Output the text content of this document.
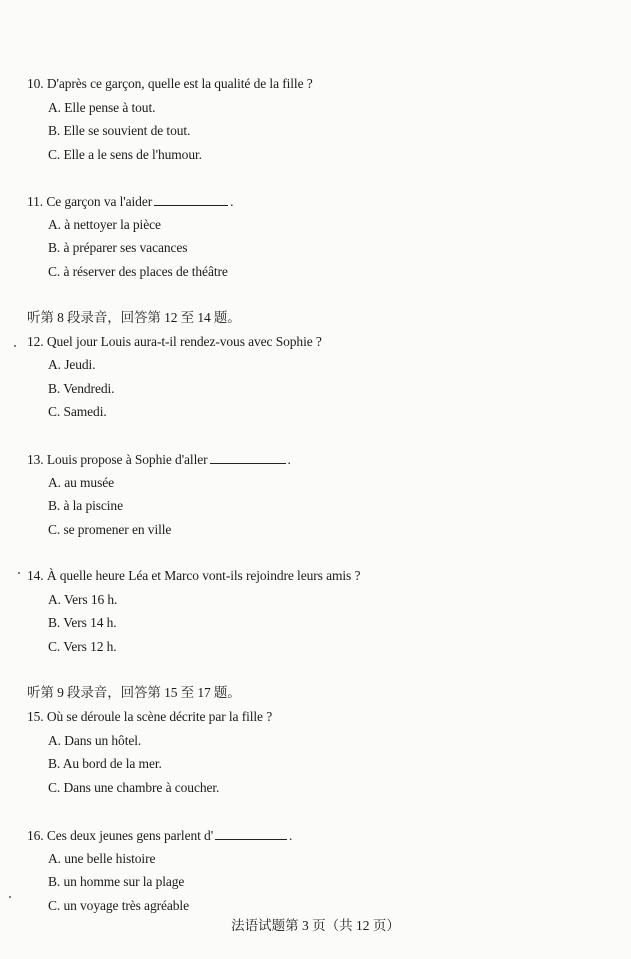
10. D'après ce garçon, quelle est la qualité de la fille ?
A. Elle pense à tout.
B. Elle se souvient de tout.
C. Elle a le sens de l'humour.
11. Ce garçon va l'aider	.
A. à nettoyer la pièce
B. à préparer ses vacances
C. à réserver des places de théâtre
听第 8 段录音，回答第 12 至 14 题。
12. Quel jour Louis aura-t-il rendez-vous avec Sophie ?
A. Jeudi.
B. Vendredi.
C. Samedi.
13. Louis propose à Sophie d'aller	.
A. au musée
B. à la piscine
C. se promener en ville
14. À quelle heure Léa et Marco vont-ils rejoindre leurs amis ?
A. Vers 16 h.
B. Vers 14 h.
C. Vers 12 h.
听第 9 段录音，回答第 15 至 17 题。
15. Où se déroule la scène décrite par la fille ?
A. Dans un hôtel.
B. Au bord de la mer.
C. Dans une chambre à coucher.
16. Ces deux jeunes gens parlent d'	.
A. une belle histoire
B. un homme sur la plage
C. un voyage très agréable
法语试题第 3 页（共 12 页）
